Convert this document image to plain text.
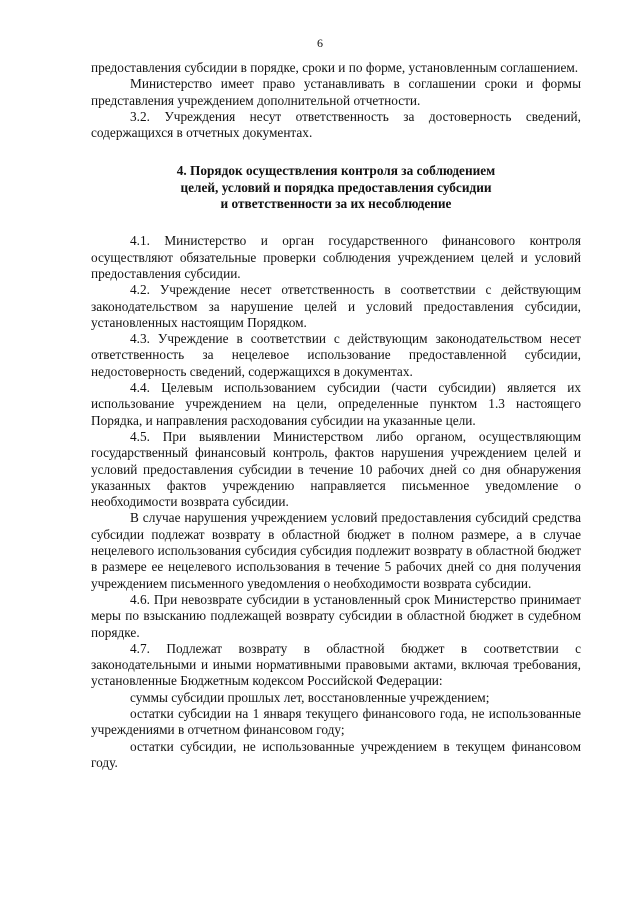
6

предоставления субсидии в порядке, сроки и по форме, установленным соглашением.

Министерство имеет право устанавливать в соглашении сроки и формы представления учреждением дополнительной отчетности.

3.2. Учреждения несут ответственность за достоверность сведений, содержащихся в отчетных документах.

4. Порядок осуществления контроля за соблюдением
целей, условий и порядка предоставления субсидии
и ответственности за их несоблюдение

4.1. Министерство и орган государственного финансового контроля осуществляют обязательные проверки соблюдения учреждением целей и условий предоставления субсидии.

4.2. Учреждение несет ответственность в соответствии с действующим законодательством за нарушение целей и условий предоставления субсидии, установленных настоящим Порядком.

4.3. Учреждение в соответствии с действующим законодательством несет ответственность за нецелевое использование предоставленной субсидии, недостоверность сведений, содержащихся в документах.

4.4. Целевым использованием субсидии (части субсидии) является их использование учреждением на цели, определенные пунктом 1.3 настоящего Порядка, и направления расходования субсидии на указанные цели.

4.5. При выявлении Министерством либо органом, осуществляющим государственный финансовый контроль, фактов нарушения учреждением целей и условий предоставления субсидии в течение 10 рабочих дней со дня обнаружения указанных фактов учреждению направляется письменное уведомление о необходимости возврата субсидии.

В случае нарушения учреждением условий предоставления субсидий средства субсидии подлежат возврату в областной бюджет в полном размере, а в случае нецелевого использования субсидия субсидия подлежит возврату в областной бюджет в размере ее нецелевого использования в течение 5 рабочих дней со дня получения учреждением письменного уведомления о необходимости возврата субсидии.

4.6. При невозврате субсидии в установленный срок Министерство принимает меры по взысканию подлежащей возврату субсидии в областной бюджет в судебном порядке.

4.7. Подлежат возврату в областной бюджет в соответствии с законодательными и иными нормативными правовыми актами, включая требования, установленные Бюджетным кодексом Российской Федерации:

суммы субсидии прошлых лет, восстановленные учреждением;

остатки субсидии на 1 января текущего финансового года, не использованные учреждениями в отчетном финансовом году;

остатки субсидии, не использованные учреждением в текущем финансовом году.
